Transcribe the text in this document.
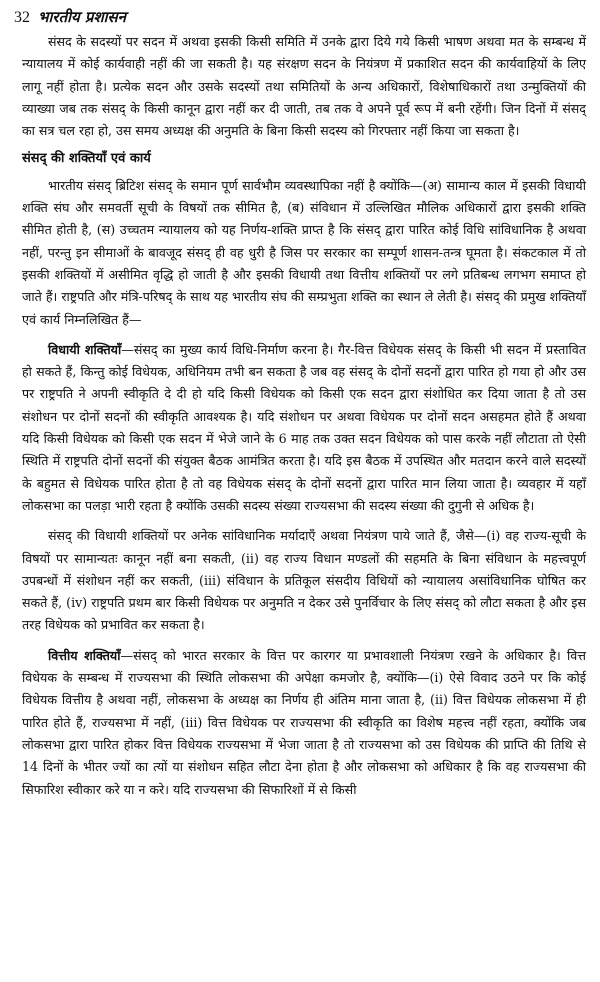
32 भारतीय प्रशासन

संसद के सदस्यों पर सदन में अथवा इसकी किसी समिति में उनके द्वारा दिये गये किसी भाषण अथवा मत के सम्बन्ध में न्यायालय में कोई कार्यवाही नहीं की जा सकती है। यह संरक्षण सदन के नियंत्रण में प्रकाशित सदन की कार्यवाहियों के लिए लागू नहीं होता है। प्रत्येक सदन और उसके सदस्यों तथा समितियों के अन्य अधिकारों, विशेषाधिकारों तथा उन्मुक्तियों की व्याख्या जब तक संसद् के किसी कानून द्वारा नहीं कर दी जाती, तब तक वे अपने पूर्व रूप में बनी रहेंगी। जिन दिनों में संसद् का सत्र चल रहा हो, उस समय अध्यक्ष की अनुमति के बिना किसी सदस्य को गिरफ्तार नहीं किया जा सकता है।

संसद् की शक्तियाँ एवं कार्य

भारतीय संसद् ब्रिटिश संसद् के समान पूर्ण सार्वभौम व्यवस्थापिका नहीं है क्योंकि—(अ) सामान्य काल में इसकी विधायी शक्ति संघ और समवर्ती सूची के विषयों तक सीमित है, (ब) संविधान में उल्लिखित मौलिक अधिकारों द्वारा इसकी शक्ति सीमित होती है, (स) उच्चतम न्यायालय को यह निर्णय-शक्ति प्राप्त है कि संसद् द्वारा पारित कोई विधि सांविधानिक है अथवा नहीं, परन्तु इन सीमाओं के बावजूद संसद् ही वह धुरी है जिस पर सरकार का सम्पूर्ण शासन-तन्त्र घूमता है। संकटकाल में तो इसकी शक्तियों में असीमित वृद्धि हो जाती है और इसकी विधायी तथा वित्तीय शक्तियों पर लगे प्रतिबन्ध लगभग समाप्त हो जाते हैं। राष्ट्रपति और मंत्रि-परिषद् के साथ यह भारतीय संघ की सम्प्रभुता शक्ति का स्थान ले लेती है। संसद् की प्रमुख शक्तियाँ एवं कार्य निम्नलिखित हैं—

विधायी शक्तियाँ—संसद् का मुख्य कार्य विधि-निर्माण करना है। गैर-वित्त विधेयक संसद् के किसी भी सदन में प्रस्तावित हो सकते हैं, किन्तु कोई विधेयक, अधिनियम तभी बन सकता है जब वह संसद् के दोनों सदनों द्वारा पारित हो गया हो और उस पर राष्ट्रपति ने अपनी स्वीकृति दे दी हो यदि किसी विधेयक को किसी एक सदन द्वारा संशोधित कर दिया जाता है तो उस संशोधन पर दोनों सदनों की स्वीकृति आवश्यक है। यदि संशोधन पर अथवा विधेयक पर दोनों सदन असहमत होते हैं अथवा यदि किसी विधेयक को किसी एक सदन में भेजे जाने के 6 माह तक उक्त सदन विधेयक को पास करके नहीं लौटाता तो ऐसी स्थिति में राष्ट्रपति दोनों सदनों की संयुक्त बैठक आमंत्रित करता है। यदि इस बैठक में उपस्थित और मतदान करने वाले सदस्यों के बहुमत से विधेयक पारित होता है तो वह विधेयक संसद् के दोनों सदनों द्वारा पारित मान लिया जाता है। व्यवहार में यहाँ लोकसभा का पलड़ा भारी रहता है क्योंकि उसकी सदस्य संख्या राज्यसभा की सदस्य संख्या की दुगुनी से अधिक है।

संसद् की विधायी शक्तियों पर अनेक सांविधानिक मर्यादाएँ अथवा नियंत्रण पाये जाते हैं, जैसे—(i) वह राज्य-सूची के विषयों पर सामान्यतः कानून नहीं बना सकती, (ii) वह राज्य विधान मण्डलों की सहमति के बिना संविधान के महत्त्वपूर्ण उपबन्धों में संशोधन नहीं कर सकती, (iii) संविधान के प्रतिकूल संसदीय विधियों को न्यायालय असांविधानिक घोषित कर सकते हैं, (iv) राष्ट्रपति प्रथम बार किसी विधेयक पर अनुमति न देकर उसे पुनर्विचार के लिए संसद् को लौटा सकता है और इस तरह विधेयक को प्रभावित कर सकता है।

वित्तीय शक्तियाँ—संसद् को भारत सरकार के वित्त पर कारगर या प्रभावशाली नियंत्रण रखने के अधिकार है। वित्त विधेयक के सम्बन्ध में राज्यसभा की स्थिति लोकसभा की अपेक्षा कमजोर है, क्योंकि—(i) ऐसे विवाद उठने पर कि कोई विधेयक वित्तीय है अथवा नहीं, लोकसभा के अध्यक्ष का निर्णय ही अंतिम माना जाता है, (ii) वित्त विधेयक लोकसभा में ही पारित होते हैं, राज्यसभा में नहीं, (iii) वित्त विधेयक पर राज्यसभा की स्वीकृति का विशेष महत्त्व नहीं रहता, क्योंकि जब लोकसभा द्वारा पारित होकर वित्त विधेयक राज्यसभा में भेजा जाता है तो राज्यसभा को उस विधेयक की प्राप्ति की तिथि से 14 दिनों के भीतर ज्यों का त्यों या संशोधन सहित लौटा देना होता है और लोकसभा को अधिकार है कि वह राज्यसभा की सिफारिश स्वीकार करे या न करे। यदि राज्यसभा की सिफारिशों में से किसी
